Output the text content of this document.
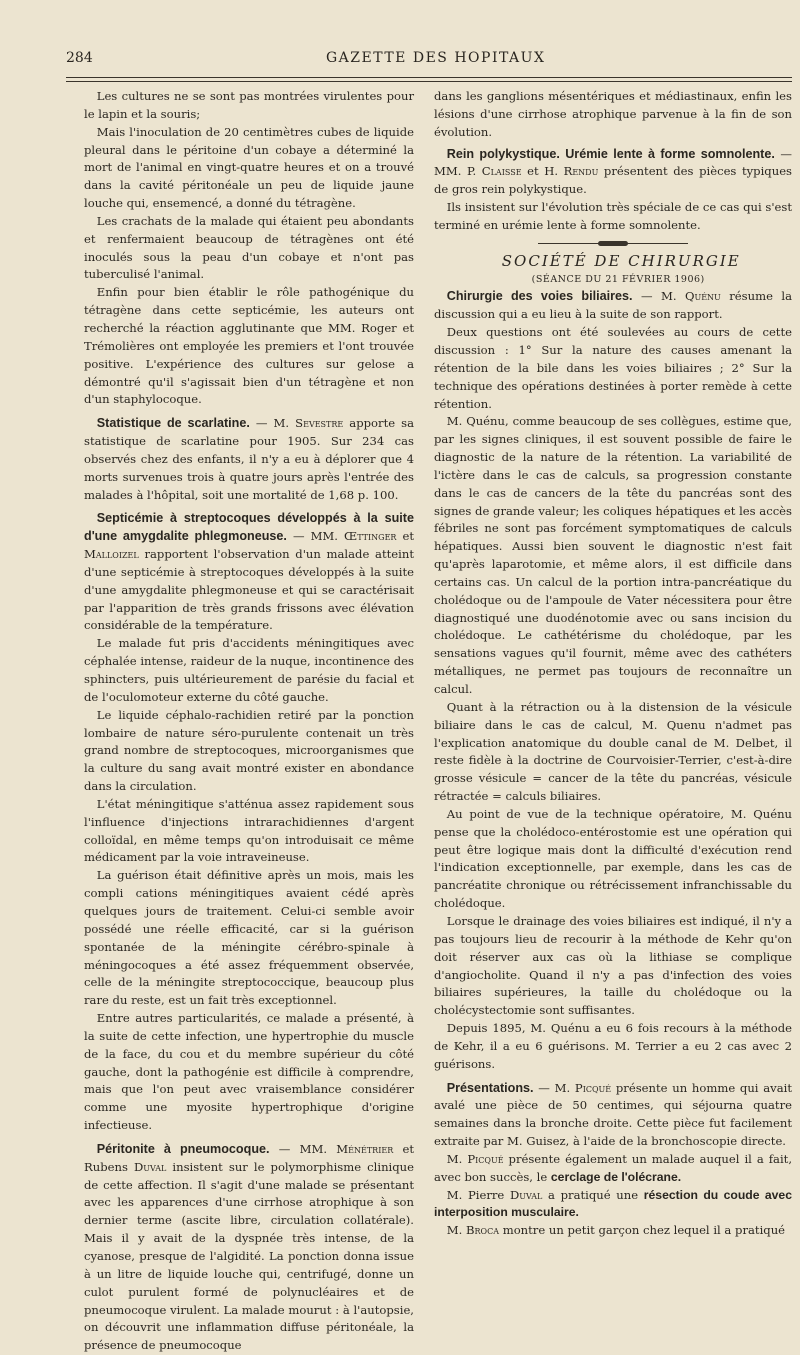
284	GAZETTE DES HOPITAUX

Les cultures ne se sont pas montrées virulentes pour le lapin et la souris;

Mais l'inoculation de 20 centimètres cubes de liquide pleural dans le péritoine d'un cobaye a déterminé la mort de l'animal en vingt-quatre heures et on a trouvé dans la cavité péritonéale un peu de liquide jaune louche qui, ensemencé, a donné du tétragène.

Les crachats de la malade qui étaient peu abondants et renfermaient beaucoup de tétragènes ont été inoculés sous la peau d'un cobaye et n'ont pas tuberculisé l'animal.

Enfin pour bien établir le rôle pathogénique du tétragène dans cette septicémie, les auteurs ont recherché la réaction agglutinante que MM. Roger et Trémolières ont employée les premiers et l'ont trouvée positive. L'expérience des cultures sur gelose a démontré qu'il s'agissait bien d'un tétragène et non d'un staphylocoque.

Statistique de scarlatine. — M. Sevestre apporte sa statistique de scarlatine pour 1905. Sur 234 cas observés chez des enfants, il n'y a eu à déplorer que 4 morts survenues trois à quatre jours après l'entrée des malades à l'hôpital, soit une mortalité de 1,68 p. 100.

Septicémie à streptocoques développés à la suite d'une amygdalite phlegmoneuse. — MM. Œttinger et Malloizel rapportent l'observation d'un malade atteint d'une septicémie à streptocoques développés à la suite d'une amygdalite phlegmoneuse et qui se caractérisait par l'apparition de très grands frissons avec élévation considérable de la température.

Le malade fut pris d'accidents méningitiques avec céphalée intense, raideur de la nuque, incontinence des sphincters, puis ultérieurement de parésie du facial et de l'oculomoteur externe du côté gauche.

Le liquide céphalo-rachidien retiré par la ponction lombaire de nature séro-purulente contenait un très grand nombre de streptocoques, microorganismes que la culture du sang avait montré exister en abondance dans la circulation.

L'état méningitique s'atténua assez rapidement sous l'influence d'injections intrarachidiennes d'argent colloïdal, en même temps qu'on introduisait ce même médicament par la voie intraveineuse.

La guérison était définitive après un mois, mais les compli cations méningitiques avaient cédé après quelques jours de traitement. Celui-ci semble avoir possédé une réelle efficacité, car si la guérison spontanée de la méningite cérébro-spinale à méningocoques a été assez fréquemment observée, celle de la méningite streptococcique, beaucoup plus rare du reste, est un fait très exceptionnel.

Entre autres particularités, ce malade a présenté, à la suite de cette infection, une hypertrophie du muscle de la face, du cou et du membre supérieur du côté gauche, dont la pathogénie est difficile à comprendre, mais que l'on peut avec vraisemblance considérer comme une myosite hypertrophique d'origine infectieuse.

Péritonite à pneumocoque. — MM. Ménétrier et Rubens Duval insistent sur le polymorphisme clinique de cette affection. Il s'agit d'une malade se présentant avec les apparences d'une cirrhose atrophique à son dernier terme (ascite libre, circulation collatérale). Mais il y avait de la dyspnée très intense, de la cyanose, presque de l'algidité. La ponction donna issue à un litre de liquide louche qui, centrifugé, donne un culot purulent formé de polynucléaires et de pneumocoque virulent. La malade mourut : à l'autopsie, on découvrit une inflammation diffuse péritonéale, la présence de pneumocoque

dans les ganglions mésentériques et médiastinaux, enfin les lésions d'une cirrhose atrophique parvenue à la fin de son évolution.

Rein polykystique. Urémie lente à forme somnolente. — MM. P. Claisse et H. Rendu présentent des pièces typiques de gros rein polykystique.

Ils insistent sur l'évolution très spéciale de ce cas qui s'est terminé en urémie lente à forme somnolente.

SOCIÉTÉ DE CHIRURGIE

(SÉANCE DU 21 FÉVRIER 1906)

Chirurgie des voies biliaires. — M. Quénu résume la discussion qui a eu lieu à la suite de son rapport.

Deux questions ont été soulevées au cours de cette discussion : 1° Sur la nature des causes amenant la rétention de la bile dans les voies biliaires ; 2° Sur la technique des opérations destinées à porter remède à cette rétention.

M. Quénu, comme beaucoup de ses collègues, estime que, par les signes cliniques, il est souvent possible de faire le diagnostic de la nature de la rétention. La variabilité de l'ictère dans le cas de calculs, sa progression constante dans le cas de cancers de la tête du pancréas sont des signes de grande valeur; les coliques hépatiques et les accès fébriles ne sont pas forcément symptomatiques de calculs hépatiques. Aussi bien souvent le diagnostic n'est fait qu'après laparotomie, et même alors, il est difficile dans certains cas. Un calcul de la portion intra-pancréatique du cholédoque ou de l'ampoule de Vater nécessitera pour être diagnostiqué une duodénotomie avec ou sans incision du cholédoque. Le cathétérisme du cholédoque, par les sensations vagues qu'il fournit, même avec des cathéters métalliques, ne permet pas toujours de reconnaître un calcul.

Quant à la rétraction ou à la distension de la vésicule biliaire dans le cas de calcul, M. Quenu n'admet pas l'explication anatomique du double canal de M. Delbet, il reste fidèle à la doctrine de Courvoisier-Terrier, c'est-à-dire grosse vésicule = cancer de la tête du pancréas, vésicule rétractée = calculs biliaires.

Au point de vue de la technique opératoire, M. Quénu pense que la cholédoco-entérostomie est une opération qui peut être logique mais dont la difficulté d'exécution rend l'indication exceptionnelle, par exemple, dans les cas de pancréatite chronique ou rétrécissement infranchissable du cholédoque.

Lorsque le drainage des voies biliaires est indiqué, il n'y a pas toujours lieu de recourir à la méthode de Kehr qu'on doit réserver aux cas où la lithiase se complique d'angiocholite. Quand il n'y a pas d'infection des voies biliaires supérieures, la taille du cholédoque ou la cholécystectomie sont suffisantes.

Depuis 1895, M. Quénu a eu 6 fois recours à la méthode de Kehr, il a eu 6 guérisons. M. Terrier a eu 2 cas avec 2 guérisons.

Présentations. — M. Picqué présente un homme qui avait avalé une pièce de 50 centimes, qui séjourna quatre semaines dans la bronche droite. Cette pièce fut facilement extraite par M. Guisez, à l'aide de la bronchoscopie directe.

M. Picqué présente également un malade auquel il a fait, avec bon succès, le cerclage de l'olécrane.

M. Pierre Duval a pratiqué une résection du coude avec interposition musculaire.

M. Broca montre un petit garçon chez lequel il a pratiqué
